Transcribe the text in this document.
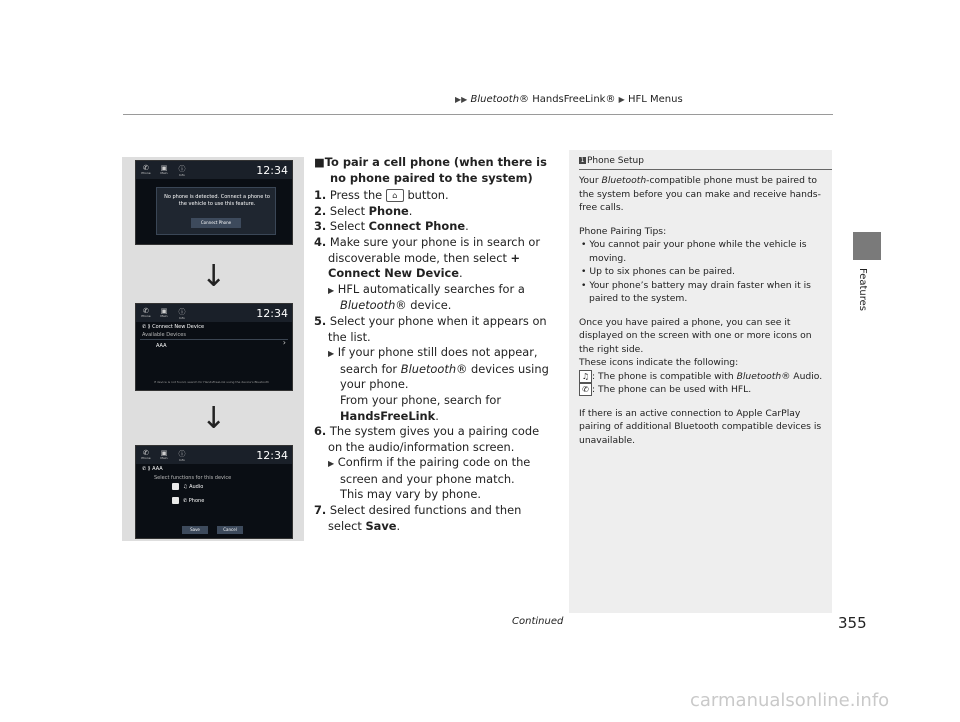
▶▶ Bluetooth® HandsFreeLink® ▶ HFL Menus
Features
✆
Phone
▣
Main	ⓘ
Info	12:34
No phone is detected. Connect a phone to the vehicle to use this feature.
Connect Phone
↓
✆
Phone
▣
Main	ⓘ
Info	12:34
✆ ⟫ Connect New Device
Available Devices
AAA	›
If device is not found, search for HandsFreeLink using the device's Bluetooth
↓
✆
Phone
▣
Main	ⓘ
Info	12:34
✆ ⟫ AAA
Select functions for this device
♫ Audio
✆ Phone
Save	Cancel
■To pair a cell phone (when there is no phone paired to the system)
1. Press the ⌂ button.
2. Select Phone.
3. Select Connect Phone.
4. Make sure your phone is in search or discoverable mode, then select + Connect New Device.
▶ HFL automatically searches for a Bluetooth® device.
5. Select your phone when it appears on the list.
▶ If your phone still does not appear, search for Bluetooth® devices using your phone.
From your phone, search for HandsFreeLink.
6. The system gives you a pairing code on the audio/information screen.
▶ Confirm if the pairing code on the screen and your phone match.
This may vary by phone.
7. Select desired functions and then select Save.
1 Phone Setup

Your Bluetooth-compatible phone must be paired to the system before you can make and receive hands-free calls.

Phone Pairing Tips:

• You cannot pair your phone while the vehicle is moving.

• Up to six phones can be paired.

• Your phone’s battery may drain faster when it is paired to the system.

Once you have paired a phone, you can see it displayed on the screen with one or more icons on the right side.

These icons indicate the following:

♫ : The phone is compatible with Bluetooth® Audio.

✆ : The phone can be used with HFL.

If there is an active connection to Apple CarPlay pairing of additional Bluetooth compatible devices is unavailable.

Continued	355
carmanualsonline.info
